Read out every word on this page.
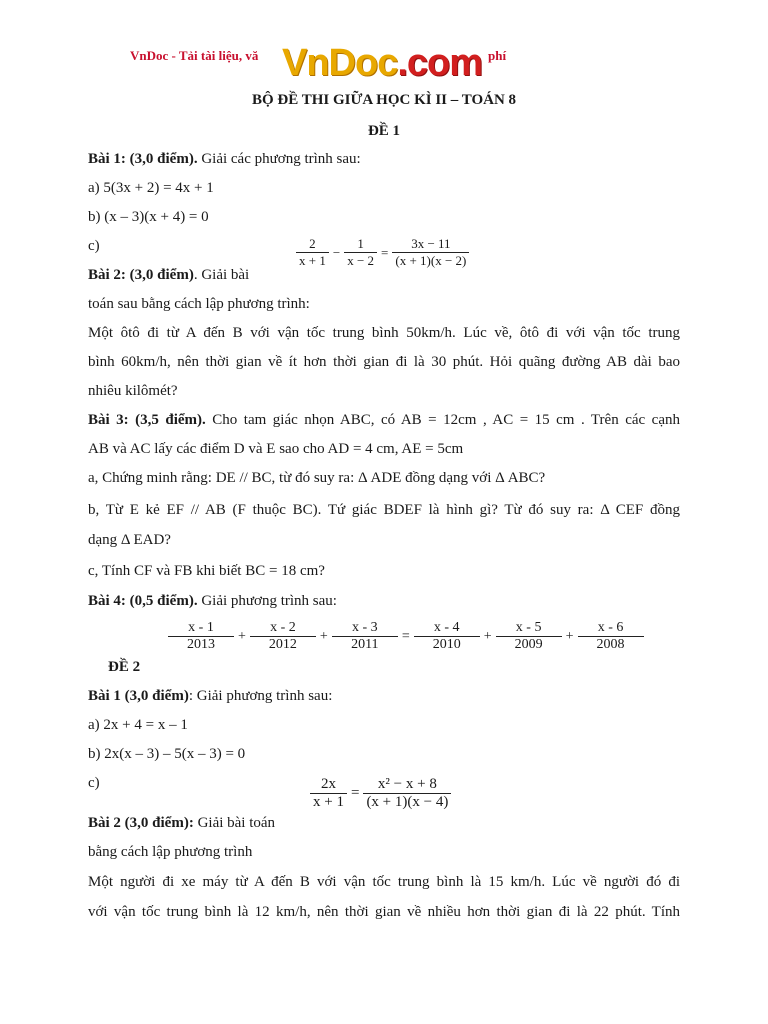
VnDoc - Tải tài liệu, vă VnDoc.com phí
BỘ ĐỀ THI GIỮA HỌC KÌ II – TOÁN 8
ĐỀ 1
Bài 1: (3,0 điểm). Giải các phương trình sau:
a) 5(3x + 2) = 4x + 1
b) (x – 3)(x + 4) = 0
c)	$\frac{2}{x + 1} - \frac{1}{x - 2} = \frac{3x - 11}{(x + 1)(x - 2)}$
Bài 2: (3,0 điểm). Giải bài
toán sau bằng cách lập phương trình:
Một ôtô đi từ A đến B với vận tốc trung bình 50km/h. Lúc về, ôtô đi với vận tốc trung
bình 60km/h, nên thời gian về ít hơn thời gian đi là 30 phút. Hỏi quãng đường AB dài bao
nhiêu kilômét?
Bài 3: (3,5 điểm). Cho tam giác nhọn ABC, có AB = 12cm , AC = 15 cm . Trên các cạnh
AB và AC lấy các điểm D và E sao cho AD = 4 cm, AE = 5cm
a, Chứng minh rằng: DE // BC, từ đó suy ra: Δ ADE đồng dạng với Δ ABC?
b, Từ E kẻ EF // AB (F thuộc BC). Tứ giác BDEF là hình gì? Từ đó suy ra: Δ CEF đồng
dạng Δ EAD?
c, Tính CF và FB khi biết BC = 18 cm?
Bài 4: (0,5 điểm). Giải phương trình sau:
$\frac{x - 1}{2013} + \frac{x - 2}{2012} + \frac{x - 3}{2011} = \frac{x - 4}{2010} + \frac{x - 5}{2009} + \frac{x - 6}{2008}$
ĐỀ 2
Bài 1 (3,0 điểm): Giải phương trình sau:
a) 2x + 4 = x – 1
b) 2x(x – 3) – 5(x – 3) = 0
c)	$\frac{2x}{x + 1} = \frac{\text{x² − x + 8}}{(x + 1)(x - 4)}$
Bài 2 (3,0 điểm): Giải bài toán
bằng cách lập phương trình
Một người đi xe máy từ A đến B với vận tốc trung bình là 15 km/h. Lúc về người đó đi
với vận tốc trung bình là 12 km/h, nên thời gian về nhiều hơn thời gian đi là 22 phút. Tính
